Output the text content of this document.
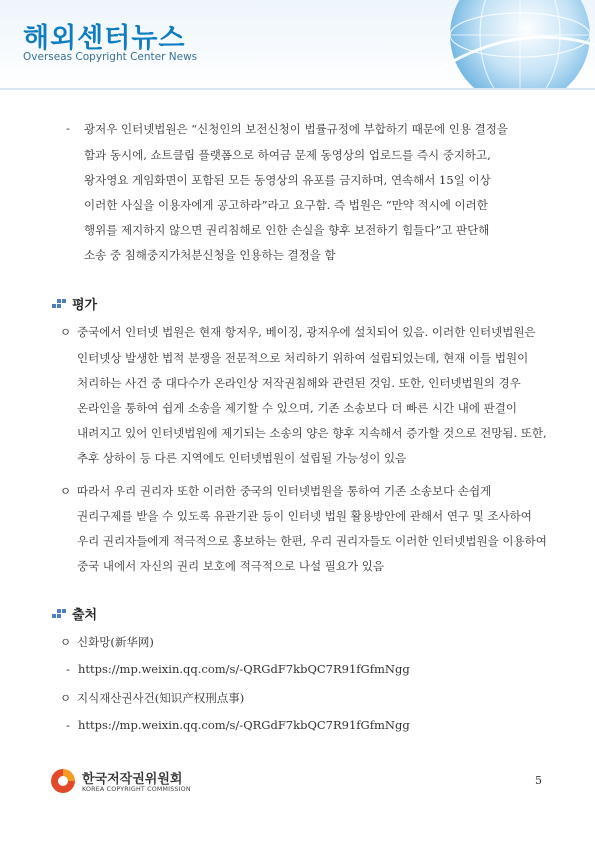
해외센터뉴스

Overseas Copyright Center News

- 광저우 인터넷법원은 “신청인의 보전신청이 법률규정에 부합하기 때문에 인용 결정을
함과 동시에, 쇼트클립 플랫폼으로 하여금 문제 동영상의 업로드를 즉시 중지하고,
왕자영요 게임화면이 포함된 모든 동영상의 유포를 금지하며, 연속해서 15일 이상
이러한 사실을 이용자에게 공고하라”라고 요구함. 즉 법원은 “만약 적시에 이러한
행위를 제지하지 않으면 권리침해로 인한 손실을 향후 보전하기 힘들다”고 판단해
소송 중 침해중지가처분신청을 인용하는 결정을 함
평가
ㅇ 중국에서 인터넷 법원은 현재 항저우, 베이징, 광저우에 설치되어 있음. 이러한 인터넷법원은
인터넷상 발생한 법적 분쟁을 전문적으로 처리하기 위하여 설립되었는데, 현재 이들 법원이
처리하는 사건 중 대다수가 온라인상 저작권침해와 관련된 것임. 또한, 인터넷법원의 경우
온라인을 통하여 쉽게 소송을 제기할 수 있으며, 기존 소송보다 더 빠른 시간 내에 판결이
내려지고 있어 인터넷법원에 제기되는 소송의 양은 향후 지속해서 증가할 것으로 전망됨. 또한,
추후 상하이 등 다른 지역에도 인터넷법원이 설립될 가능성이 있음
ㅇ 따라서 우리 권리자 또한 이러한 중국의 인터넷법원을 통하여 기존 소송보다 손쉽게
권리구제를 받을 수 있도록 유관기관 등이 인터넷 법원 활용방안에 관해서 연구 및 조사하여
우리 권리자들에게 적극적으로 홍보하는 한편, 우리 권리자들도 이러한 인터넷법원을 이용하여
중국 내에서 자신의 권리 보호에 적극적으로 나설 필요가 있음
출처
ㅇ 신화망(新华网)
- https://mp.weixin.qq.com/s/-QRGdF7kbQC7R91fGfmNgg
ㅇ 지식재산권사건(知识产权刑点事)
- https://mp.weixin.qq.com/s/-QRGdF7kbQC7R91fGfmNgg
한국저작권위원회
KOREA COPYRIGHT COMMISSION
5
